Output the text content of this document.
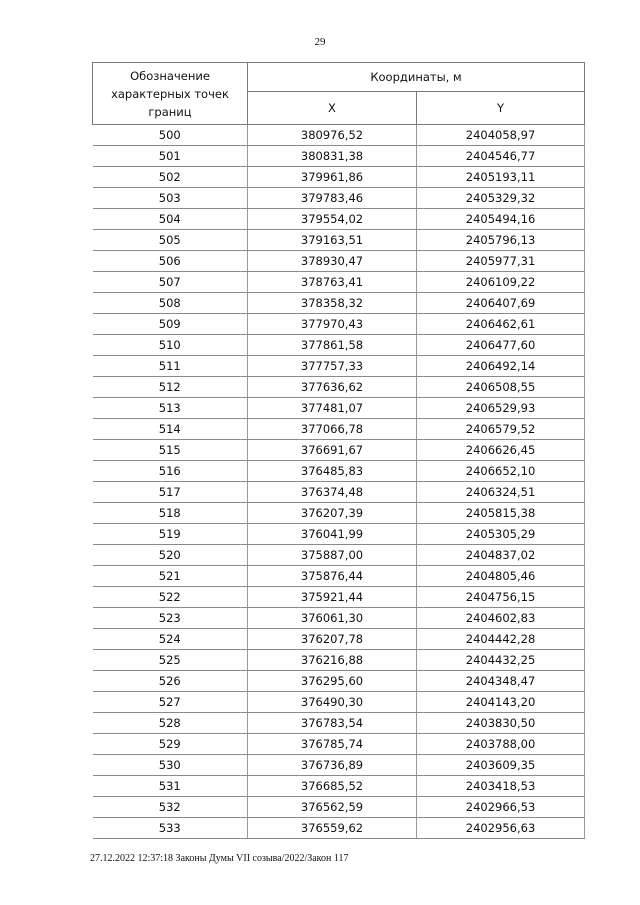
29
Обозначение характерных точек границ	Координаты, м	
	X	Y
500	380976,52	2404058,97
501	380831,38	2404546,77
502	379961,86	2405193,11
503	379783,46	2405329,32
504	379554,02	2405494,16
505	379163,51	2405796,13
506	378930,47	2405977,31
507	378763,41	2406109,22
508	378358,32	2406407,69
509	377970,43	2406462,61
510	377861,58	2406477,60
511	377757,33	2406492,14
512	377636,62	2406508,55
513	377481,07	2406529,93
514	377066,78	2406579,52
515	376691,67	2406626,45
516	376485,83	2406652,10
517	376374,48	2406324,51
518	376207,39	2405815,38
519	376041,99	2405305,29
520	375887,00	2404837,02
521	375876,44	2404805,46
522	375921,44	2404756,15
523	376061,30	2404602,83
524	376207,78	2404442,28
525	376216,88	2404432,25
526	376295,60	2404348,47
527	376490,30	2404143,20
528	376783,54	2403830,50
529	376785,74	2403788,00
530	376736,89	2403609,35
531	376685,52	2403418,53
532	376562,59	2402966,53
533	376559,62	2402956,63
27.12.2022 12:37:18 Законы Думы VII созыва/2022/Закон 117
